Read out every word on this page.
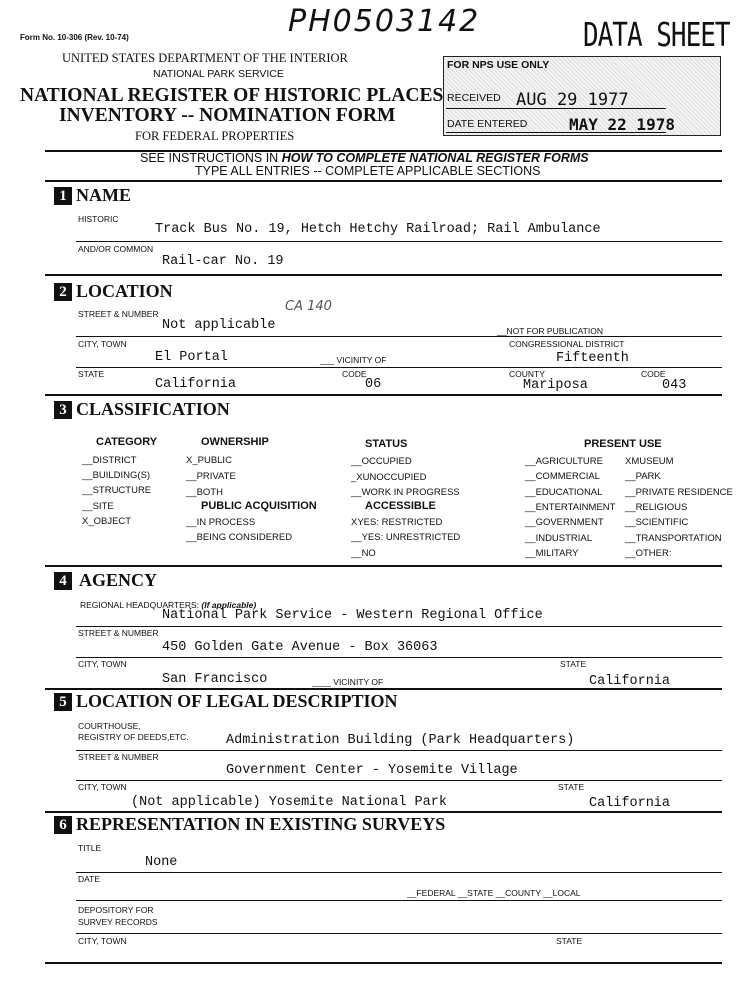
Form No. 10-306 (Rev. 10-74)	PH0503142	DATA SHEET
UNITED STATES DEPARTMENT OF THE INTERIOR
NATIONAL PARK SERVICE
NATIONAL REGISTER OF HISTORIC PLACES
INVENTORY -- NOMINATION FORM
FOR FEDERAL PROPERTIES
FOR NPS USE ONLY
RECEIVED AUG 29 1977
DATE ENTERED	MAY 22 1978
SEE INSTRUCTIONS IN HOW TO COMPLETE NATIONAL REGISTER FORMS
TYPE ALL ENTRIES -- COMPLETE APPLICABLE SECTIONS
1 NAME
HISTORIC
Track Bus No. 19, Hetch Hetchy Railroad; Rail Ambulance
AND/OR COMMON
Rail-car No. 19
2 LOCATION
CA 140
STREET & NUMBER
Not applicable	__NOT FOR PUBLICATION
CITY, TOWN	CONGRESSIONAL DISTRICT
El Portal	___ VICINITY OF	Fifteenth
STATE	CODE	COUNTY	CODE
California	06	Mariposa	043
3 CLASSIFICATION
CATEGORY
__DISTRICT
__BUILDING(S)
__STRUCTURE
__SITE
X_OBJECT
OWNERSHIP
X_PUBLIC
__PRIVATE
__BOTH
PUBLIC ACQUISITION
__IN PROCESS
__BEING CONSIDERED
STATUS
__OCCUPIED
_XUNOCCUPIED
__WORK IN PROGRESS
ACCESSIBLE
XYES: RESTRICTED
__YES: UNRESTRICTED
__NO
PRESENT USE
__AGRICULTURE
__COMMERCIAL
__EDUCATIONAL
__ENTERTAINMENT
__GOVERNMENT
__INDUSTRIAL
__MILITARY
XMUSEUM
__PARK
__PRIVATE RESIDENCE
__RELIGIOUS
__SCIENTIFIC
__TRANSPORTATION
__OTHER:
4 AGENCY
REGIONAL HEADQUARTERS: (If applicable)
National Park Service - Western Regional Office
STREET & NUMBER
450 Golden Gate Avenue - Box 36063
CITY, TOWN	STATE
San Francisco	____ VICINITY OF	California
5 LOCATION OF LEGAL DESCRIPTION
COURTHOUSE,
REGISTRY OF DEEDS,ETC.	Administration Building (Park Headquarters)
STREET & NUMBER
Government Center - Yosemite Village
CITY, TOWN	STATE
(Not applicable) Yosemite National Park	California
6 REPRESENTATION IN EXISTING SURVEYS
TITLE
None
DATE
__FEDERAL __STATE __COUNTY __LOCAL
DEPOSITORY FOR
SURVEY RECORDS
CITY, TOWN	STATE
